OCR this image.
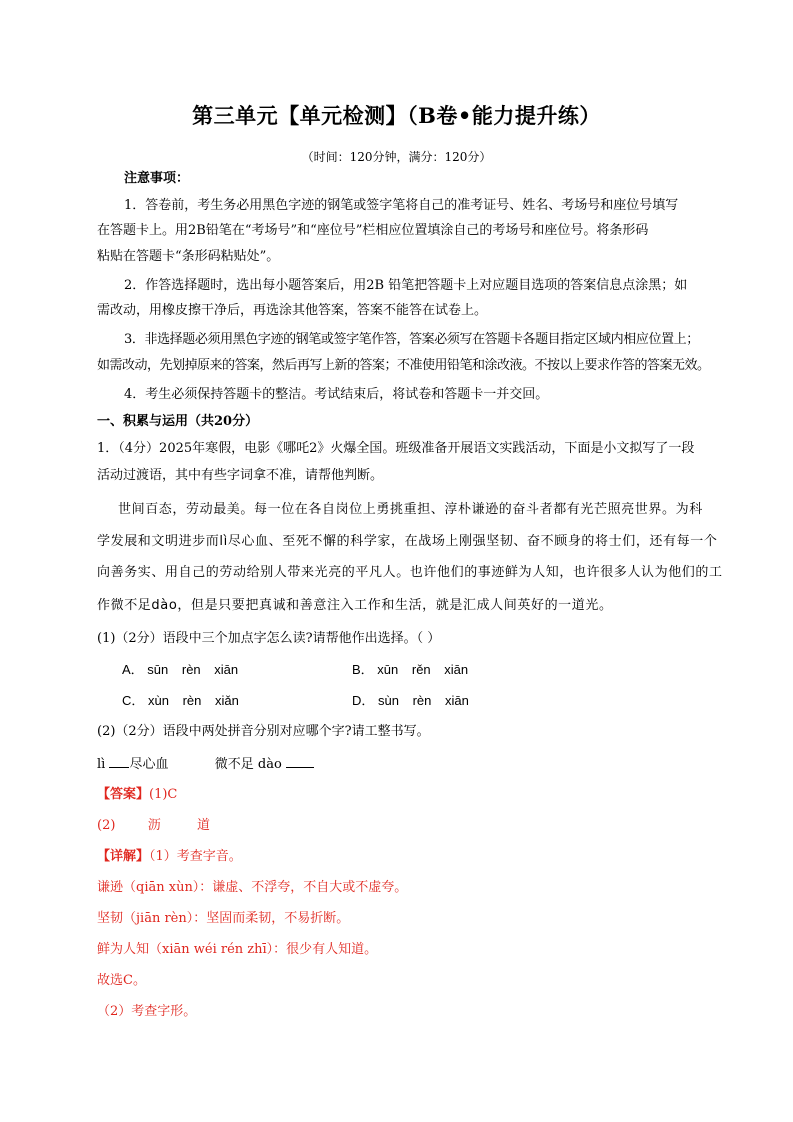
第三单元【单元检测】（B卷•能力提升练）
（时间：120分钟，满分：120分）
注意事项：
1．答卷前，考生务必用黑色字迹的钢笔或签字笔将自己的准考证号、姓名、考场号和座位号填写
在答题卡上。用2B铅笔在“考场号”和“座位号”栏相应位置填涂自己的考场号和座位号。将条形码
粘贴在答题卡“条形码粘贴处”。
2．作答选择题时，选出每小题答案后，用2B 铅笔把答题卡上对应题目选项的答案信息点涂黑；如
需改动，用橡皮擦干净后，再选涂其他答案，答案不能答在试卷上。
3．非选择题必须用黑色字迹的钢笔或签字笔作答，答案必须写在答题卡各题目指定区域内相应位置上；
如需改动，先划掉原来的答案，然后再写上新的答案；不准使用铅笔和涂改液。不按以上要求作答的答案无效。
4．考生必须保持答题卡的整洁。考试结束后，将试卷和答题卡一并交回。
一、积累与运用（共20分）
1．（4分）2025年寒假，电影《哪吒2》火爆全国。班级准备开展语文实践活动，下面是小文拟写了一段
活动过渡语，其中有些字词拿不准，请帮他判断。
世间百态，劳动最美。每一位在各自岗位上勇挑重担、淳朴谦逊的奋斗者都有光芒照亮世界。为科
学发展和文明进步而lì尽心血、至死不懈的科学家，在战场上刚强坚韧、奋不顾身的将士们，还有每一个
向善务实、用自己的劳动给别人带来光亮的平凡人。也许他们的事迹鲜为人知，也许很多人认为他们的工
作微不足dào，但是只要把真诚和善意注入工作和生活，就是汇成人间英好的一道光。
(1)（2分）语段中三个加点字怎么读?请帮他作出选择。（ ）
A． sūn rèn xiān	B． xūn rěn xiān
C． xùn rèn xiǎn	D． sùn rèn xiān
(2)（2分）语段中两处拼音分别对应哪个字?请工整书写。
lì 尽心血	微不足 dào
【答案】(1)C
(2) 沥	道
【详解】（1）考查字音。
谦逊（qiān xùn）：谦虚、不浮夸，不自大或不虚夸。
坚韧（jiān rèn）：坚固而柔韧，不易折断。
鲜为人知（xiān wéi rén zhī）：很少有人知道。
故选C。
（2）考查字形。
